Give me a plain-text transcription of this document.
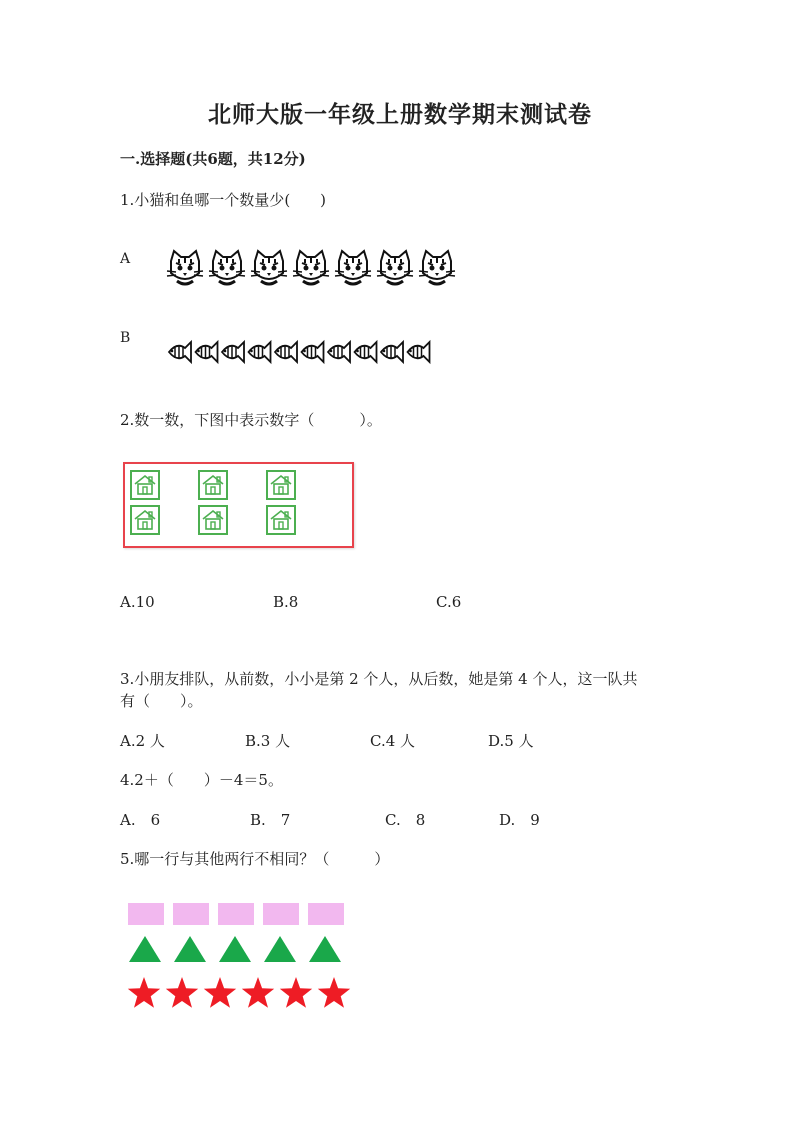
北师大版一年级上册数学期末测试卷
一.选择题(共6题，共12分)
1.小猫和鱼哪一个数量少(　　)
A
B
2.数一数，下图中表示数字（　　　）。
A.10	B.8	C.6
3.小朋友排队，从前数，小小是第 2 个人，从后数，她是第 4 个人，这一队共
有（　　）。
A.2 人	B.3 人	C.4 人	D.5 人
4.2＋（　　）－4＝5。
A.　6	B.　7	C.　8	D.　9
5.哪一行与其他两行不相同？（　　　）
